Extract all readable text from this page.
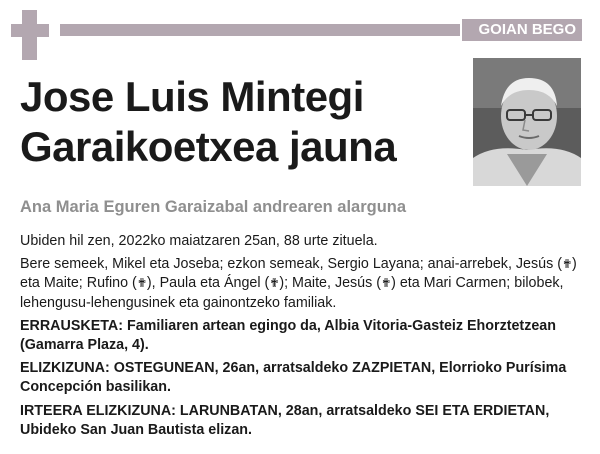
GOIAN BEGO
Jose Luis Mintegi
Garaikoetxea jauna
Ana Maria Eguren Garaizabal andrearen alarguna

Ubiden hil zen, 2022ko maiatzaren 25an, 88 urte zituela.

Bere semeek, Mikel eta Joseba; ezkon semeak, Sergio Layana; anai-arrebek, Jesús (✟) eta Maite; Rufino (✟), Paula eta Ángel (✟); Maite, Jesús (✟) eta Mari Carmen; bilobek, lehengusu-lehengusinek eta gainontzeko familiak.

ERRAUSKETA: Familiaren artean egingo da, Albia Vitoria-Gasteiz Ehorztetzean (Gamarra Plaza, 4).

ELIZKIZUNA: OSTEGUNEAN, 26an, arratsaldeko ZAZPIETAN, Elorrioko Purísima Concepción basilikan.

IRTEERA ELIZKIZUNA: LARUNBATAN, 28an, arratsaldeko SEI ETA ERDIETAN, Ubideko San Juan Bautista elizan.
